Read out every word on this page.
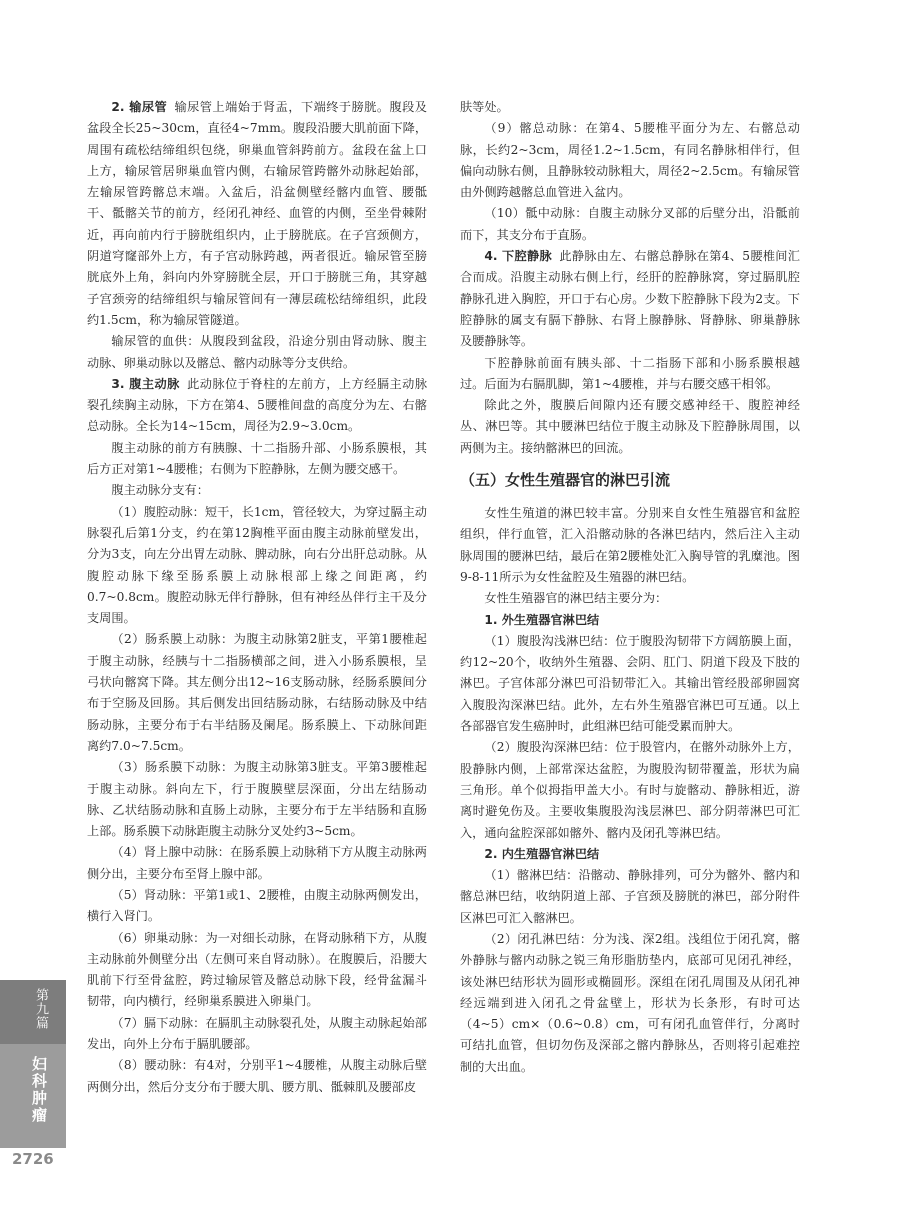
2. 输尿管 输尿管上端始于肾盂，下端终于膀胱。腹段及盆段全长25~30cm，直径4~7mm。腹段沿腰大肌前面下降，周围有疏松结缔组织包绕，卵巢血管斜跨前方。盆段在盆上口上方，输尿管居卵巢血管内侧，右输尿管跨髂外动脉起始部，左输尿管跨髂总末端。入盆后，沿盆侧壁经髂内血管、腰骶干、骶髂关节的前方，经闭孔神经、血管的内侧，至坐骨棘附近，再向前内行于膀胱组织内，止于膀胱底。在子宫颈侧方，阴道穹窿部外上方，有子宫动脉跨越，两者很近。输尿管至膀胱底外上角，斜向内外穿膀胱全层，开口于膀胱三角，其穿越子宫颈旁的结缔组织与输尿管间有一薄层疏松结缔组织，此段约1.5cm，称为输尿管隧道。

输尿管的血供：从腹段到盆段，沿途分别由肾动脉、腹主动脉、卵巢动脉以及髂总、髂内动脉等分支供给。

3. 腹主动脉 此动脉位于脊柱的左前方，上方经膈主动脉裂孔续胸主动脉，下方在第4、5腰椎间盘的高度分为左、右髂总动脉。全长为14~15cm，周径为2.9~3.0cm。

腹主动脉的前方有胰腺、十二指肠升部、小肠系膜根，其后方正对第1~4腰椎；右侧为下腔静脉，左侧为腰交感干。

腹主动脉分支有：

（1）腹腔动脉：短干，长1cm，管径较大，为穿过膈主动脉裂孔后第1分支，约在第12胸椎平面由腹主动脉前壁发出，分为3支，向左分出胃左动脉、脾动脉，向右分出肝总动脉。从腹腔动脉下缘至肠系膜上动脉根部上缘之间距离，约0.7~0.8cm。腹腔动脉无伴行静脉，但有神经丛伴行主干及分支周围。

（2）肠系膜上动脉：为腹主动脉第2脏支，平第1腰椎起于腹主动脉，经胰与十二指肠横部之间，进入小肠系膜根，呈弓状向髂窝下降。其左侧分出12~16支肠动脉，经肠系膜间分布于空肠及回肠。其后侧发出回结肠动脉，右结肠动脉及中结肠动脉，主要分布于右半结肠及阑尾。肠系膜上、下动脉间距离约7.0~7.5cm。

（3）肠系膜下动脉：为腹主动脉第3脏支。平第3腰椎起于腹主动脉。斜向左下，行于腹膜壁层深面，分出左结肠动脉、乙状结肠动脉和直肠上动脉，主要分布于左半结肠和直肠上部。肠系膜下动脉距腹主动脉分叉处约3~5cm。

（4）肾上腺中动脉：在肠系膜上动脉稍下方从腹主动脉两侧分出，主要分布至肾上腺中部。

（5）肾动脉：平第1或1、2腰椎，由腹主动脉两侧发出，横行入肾门。

（6）卵巢动脉：为一对细长动脉，在肾动脉稍下方，从腹主动脉前外侧壁分出（左侧可来自肾动脉）。在腹膜后，沿腰大肌前下行至骨盆腔，跨过输尿管及髂总动脉下段，经骨盆漏斗韧带，向内横行，经卵巢系膜进入卵巢门。

（7）膈下动脉：在膈肌主动脉裂孔处，从腹主动脉起始部发出，向外上分布于膈肌腰部。

（8）腰动脉：有4对，分别平1~4腰椎，从腹主动脉后壁两侧分出，然后分支分布于腰大肌、腰方肌、骶棘肌及腰部皮

肤等处。

（9）髂总动脉：在第4、5腰椎平面分为左、右髂总动脉，长约2~3cm，周径1.2~1.5cm，有同名静脉相伴行，但偏向动脉右侧，且静脉较动脉粗大，周径2~2.5cm。有输尿管由外侧跨越髂总血管进入盆内。

（10）骶中动脉：自腹主动脉分叉部的后壁分出，沿骶前而下，其支分布于直肠。

4. 下腔静脉 此静脉由左、右髂总静脉在第4、5腰椎间汇合而成。沿腹主动脉右侧上行，经肝的腔静脉窝，穿过膈肌腔静脉孔进入胸腔，开口于右心房。少数下腔静脉下段为2支。下腔静脉的属支有膈下静脉、右肾上腺静脉、肾静脉、卵巢静脉及腰静脉等。

下腔静脉前面有胰头部、十二指肠下部和小肠系膜根越过。后面为右膈肌脚，第1~4腰椎，并与右腰交感干相邻。

除此之外，腹膜后间隙内还有腰交感神经干、腹腔神经丛、淋巴等。其中腰淋巴结位于腹主动脉及下腔静脉周围，以两侧为主。接纳髂淋巴的回流。

（五）女性生殖器官的淋巴引流

女性生殖道的淋巴较丰富。分别来自女性生殖器官和盆腔组织，伴行血管，汇入沿髂动脉的各淋巴结内，然后注入主动脉周围的腰淋巴结，最后在第2腰椎处汇入胸导管的乳糜池。图9-8-11所示为女性盆腔及生殖器的淋巴结。

女性生殖器官的淋巴结主要分为：

1. 外生殖器官淋巴结

（1）腹股沟浅淋巴结：位于腹股沟韧带下方阔筋膜上面，约12~20个，收纳外生殖器、会阴、肛门、阴道下段及下肢的淋巴。子宫体部分淋巴可沿韧带汇入。其输出管经股部卵圆窝入腹股沟深淋巴结。此外，左右外生殖器官淋巴可互通。以上各部器官发生癌肿时，此组淋巴结可能受累而肿大。

（2）腹股沟深淋巴结：位于股管内，在髂外动脉外上方，股静脉内侧，上部常深达盆腔，为腹股沟韧带覆盖，形状为扁三角形。单个似拇指甲盖大小。有时与旋髂动、静脉相近，游离时避免伤及。主要收集腹股沟浅层淋巴、部分阴蒂淋巴可汇入，通向盆腔深部如髂外、髂内及闭孔等淋巴结。

2. 内生殖器官淋巴结

（1）髂淋巴结：沿髂动、静脉排列，可分为髂外、髂内和髂总淋巴结，收纳阴道上部、子宫颈及膀胱的淋巴，部分附件区淋巴可汇入髂淋巴。

（2）闭孔淋巴结：分为浅、深2组。浅组位于闭孔窝，髂外静脉与髂内动脉之锐三角形脂肪垫内，底部可见闭孔神经，该处淋巴结形状为圆形或椭圆形。深组在闭孔周围及从闭孔神经远端到进入闭孔之骨盆壁上，形状为长条形，有时可达（4~5）cm×（0.6~0.8）cm，可有闭孔血管伴行，分离时可结扎血管，但切勿伤及深部之髂内静脉丛，否则将引起难控制的大出血。

第九篇
妇科肿瘤
2726
